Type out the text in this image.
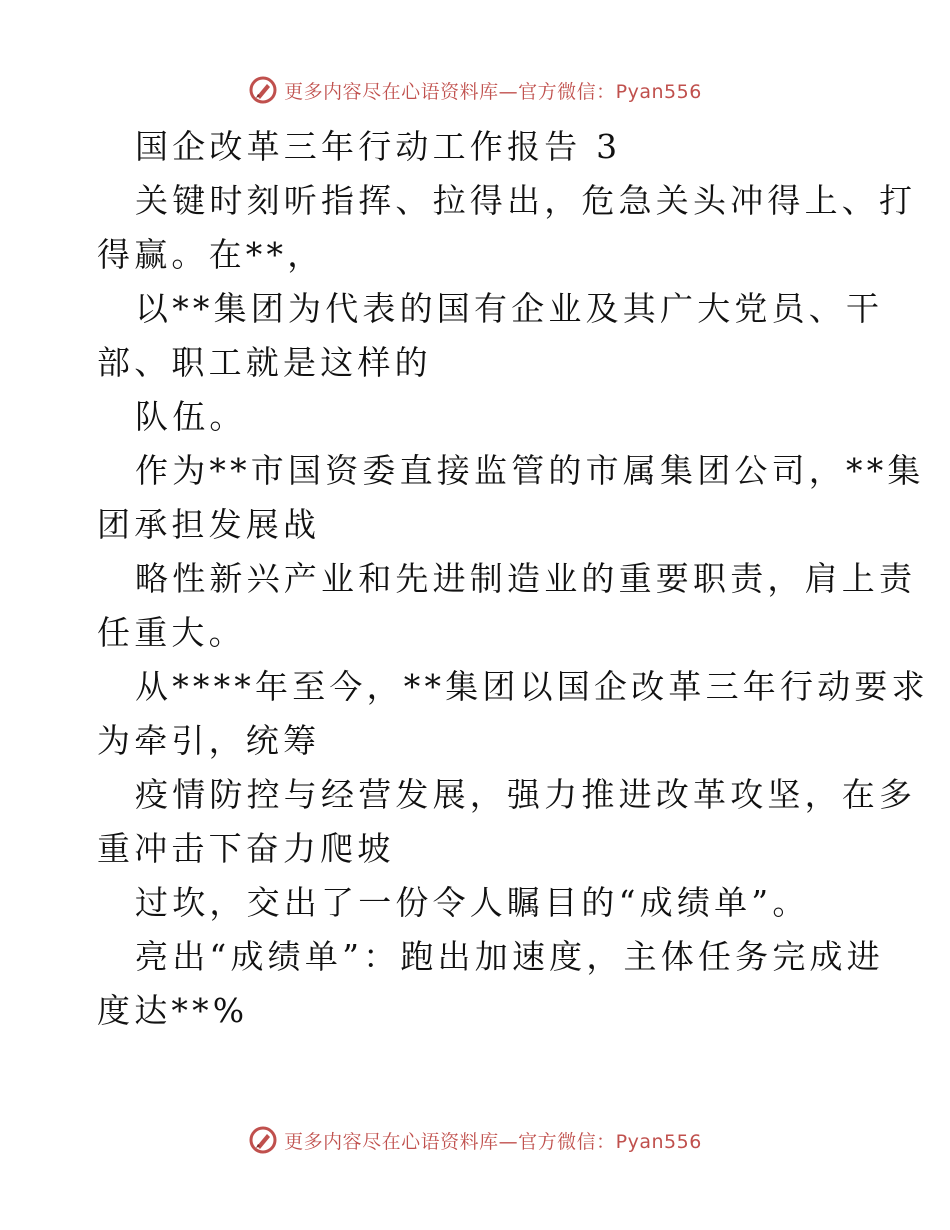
更多内容尽在心语资料库—官方微信：Pyan556
国企改革三年行动工作报告 3
关键时刻听指挥、拉得出，危急关头冲得上、打
得赢。在**，
以**集团为代表的国有企业及其广大党员、干
部、职工就是这样的
队伍。
作为**市国资委直接监管的市属集团公司，**集
团承担发展战
略性新兴产业和先进制造业的重要职责，肩上责
任重大。
从****年至今，**集团以国企改革三年行动要求
为牵引，统筹
疫情防控与经营发展，强力推进改革攻坚，在多
重冲击下奋力爬坡
过坎，交出了一份令人瞩目的“成绩单”。
亮出“成绩单”：跑出加速度，主体任务完成进
度达**%
更多内容尽在心语资料库—官方微信：Pyan556
